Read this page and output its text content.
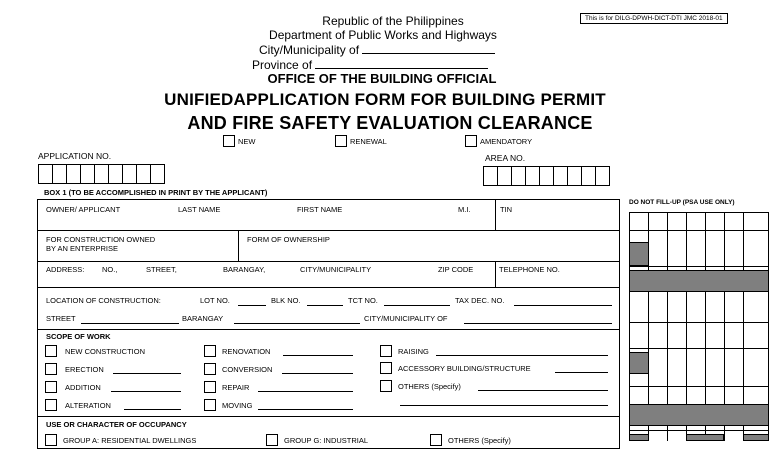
This is for DILG-DPWH-DICT-DTI JMC 2018-01
Republic of the Philippines
Department of Public Works and Highways
City/Municipality of
Province of
OFFICE OF THE BUILDING OFFICIAL
UNIFIEDAPPLICATION FORM FOR BUILDING PERMIT
AND FIRE SAFETY EVALUATION CLEARANCE
NEW	RENEWAL	AMENDATORY
APPLICATION NO.	AREA NO.
BOX 1 (TO BE ACCOMPLISHED IN PRINT BY THE APPLICANT)
DO NOT FILL-UP (PSA USE ONLY)
OWNER/ APPLICANT	LAST NAME	FIRST NAME	M.I.	TIN
FOR CONSTRUCTION OWNED
BY AN ENTERPRISE
FORM OF OWNERSHIP
ADDRESS: NO.,	STREET,	BARANGAY,	CITY/MUNICIPALITY	ZIP CODE	TELEPHONE NO.
LOCATION OF CONSTRUCTION:	LOT NO.	BLK NO.	TCT NO.	TAX DEC. NO.
STREET	BARANGAY	CITY/MUNICIPALITY OF
SCOPE OF WORK
NEW CONSTRUCTION
ERECTION
ADDITION
ALTERATION
RENOVATION
CONVERSION
REPAIR
MOVING
RAISING
ACCESSORY BUILDING/STRUCTURE
OTHERS (Specify)
USE OR CHARACTER OF OCCUPANCY
GROUP A: RESIDENTIAL DWELLINGS	GROUP G: INDUSTRIAL	OTHERS (Specify)
